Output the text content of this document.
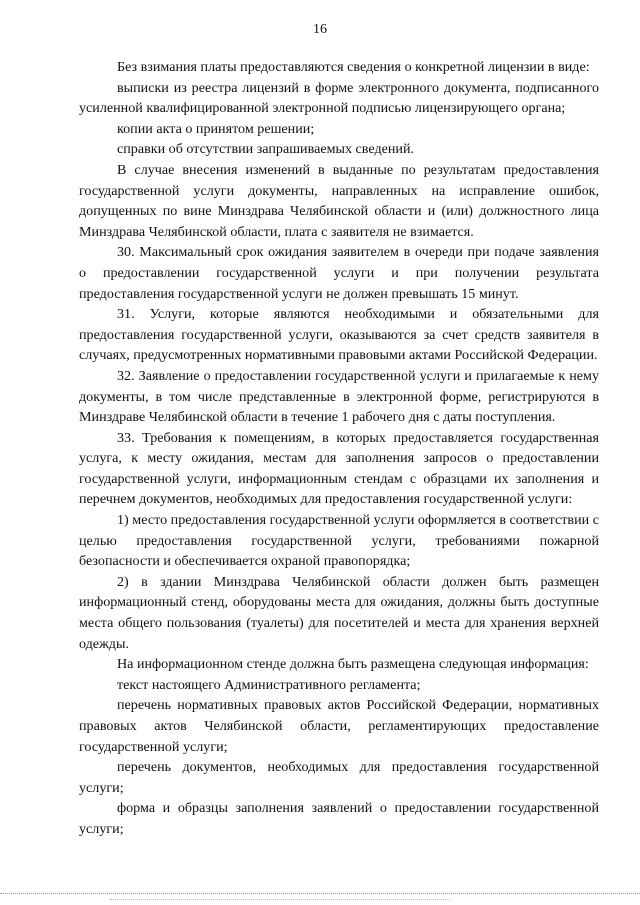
16

Без взимания платы предоставляются сведения о конкретной лицензии в виде:

выписки из реестра лицензий в форме электронного документа, подписанного усиленной квалифицированной электронной подписью лицензирующего органа;

копии акта о принятом решении;

справки об отсутствии запрашиваемых сведений.

В случае внесения изменений в выданные по результатам предоставления государственной услуги документы, направленных на исправление ошибок, допущенных по вине Минздрава Челябинской области и (или) должностного лица Минздрава Челябинской области, плата с заявителя не взимается.

30. Максимальный срок ожидания заявителем в очереди при подаче заявления о предоставлении государственной услуги и при получении результата предоставления государственной услуги не должен превышать 15 минут.

31. Услуги, которые являются необходимыми и обязательными для предоставления государственной услуги, оказываются за счет средств заявителя в случаях, предусмотренных нормативными правовыми актами Российской Федерации.

32. Заявление о предоставлении государственной услуги и прилагаемые к нему документы, в том числе представленные в электронной форме, регистрируются в Минздраве Челябинской области в течение 1 рабочего дня с даты поступления.

33. Требования к помещениям, в которых предоставляется государственная услуга, к месту ожидания, местам для заполнения запросов о предоставлении государственной услуги, информационным стендам с образцами их заполнения и перечнем документов, необходимых для предоставления государственной услуги:

1) место предоставления государственной услуги оформляется в соответствии с целью предоставления государственной услуги, требованиями пожарной безопасности и обеспечивается охраной правопорядка;

2) в здании Минздрава Челябинской области должен быть размещен информационный стенд, оборудованы места для ожидания, должны быть доступные места общего пользования (туалеты) для посетителей и места для хранения верхней одежды.

На информационном стенде должна быть размещена следующая информация:

текст настоящего Административного регламента;

перечень нормативных правовых актов Российской Федерации, нормативных правовых актов Челябинской области, регламентирующих предоставление государственной услуги;

перечень документов, необходимых для предоставления государственной услуги;

форма и образцы заполнения заявлений о предоставлении государственной услуги;
